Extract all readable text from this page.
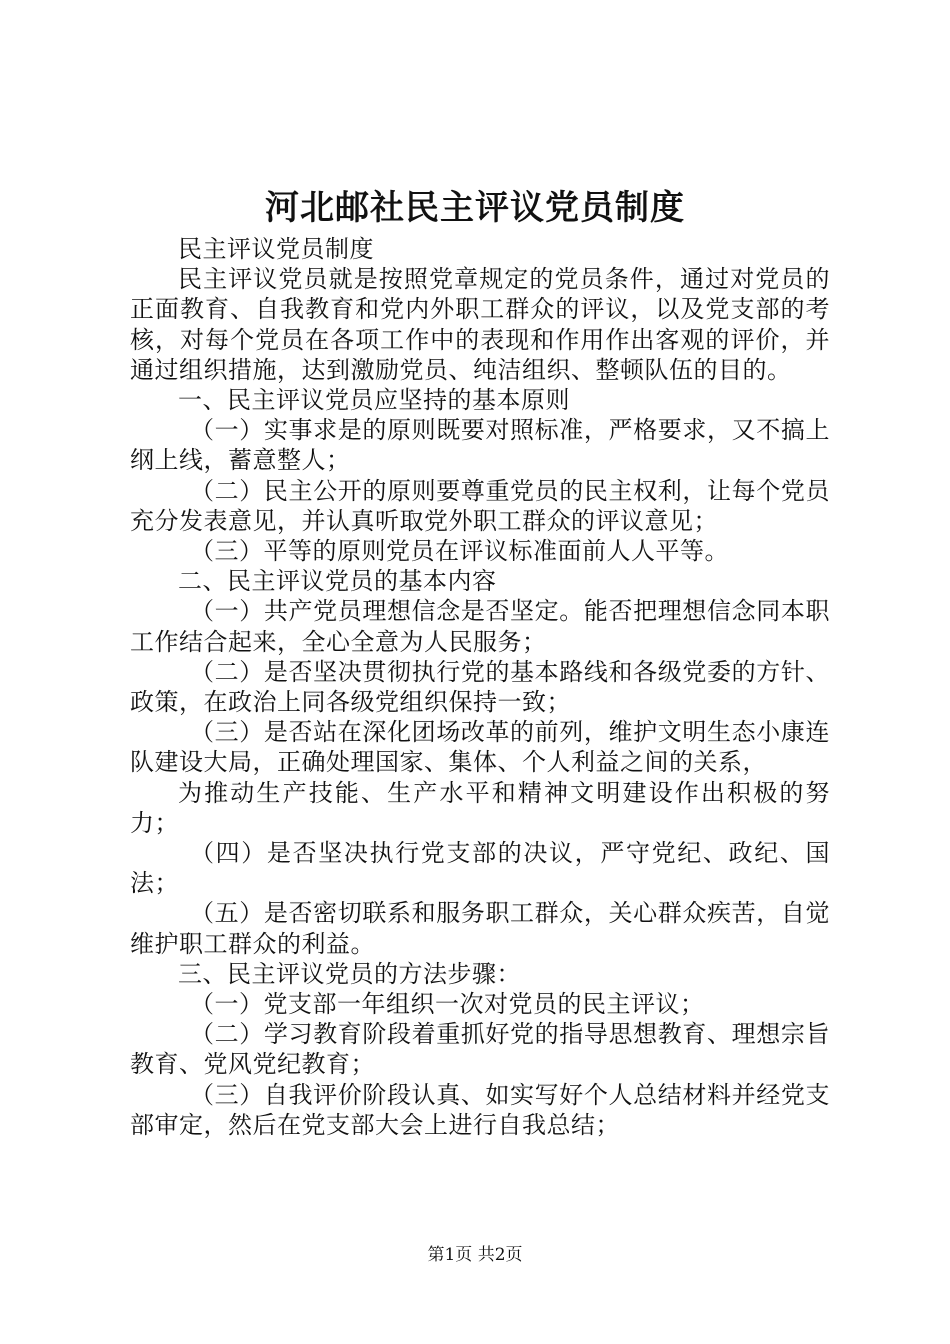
河北邮社民主评议党员制度

民主评议党员制度

民主评议党员就是按照党章规定的党员条件，通过对党员的正面教育、自我教育和党内外职工群众的评议，以及党支部的考核，对每个党员在各项工作中的表现和作用作出客观的评价，并通过组织措施，达到激励党员、纯洁组织、整顿队伍的目的。

一、民主评议党员应坚持的基本原则

（一）实事求是的原则既要对照标准，严格要求，又不搞上纲上线，蓄意整人；

（二）民主公开的原则要尊重党员的民主权利，让每个党员充分发表意见，并认真听取党外职工群众的评议意见；

（三）平等的原则党员在评议标准面前人人平等。

二、民主评议党员的基本内容

（一）共产党员理想信念是否坚定。能否把理想信念同本职工作结合起来，全心全意为人民服务；

（二）是否坚决贯彻执行党的基本路线和各级党委的方针、政策，在政治上同各级党组织保持一致；

（三）是否站在深化团场改革的前列，维护文明生态小康连队建设大局，正确处理国家、集体、个人利益之间的关系，

为推动生产技能、生产水平和精神文明建设作出积极的努力；

（四）是否坚决执行党支部的决议，严守党纪、政纪、国法；

（五）是否密切联系和服务职工群众，关心群众疾苦，自觉维护职工群众的利益。

三、民主评议党员的方法步骤：

（一）党支部一年组织一次对党员的民主评议；

（二）学习教育阶段着重抓好党的指导思想教育、理想宗旨教育、党风党纪教育；

（三）自我评价阶段认真、如实写好个人总结材料并经党支部审定，然后在党支部大会上进行自我总结；

第1页 共2页
